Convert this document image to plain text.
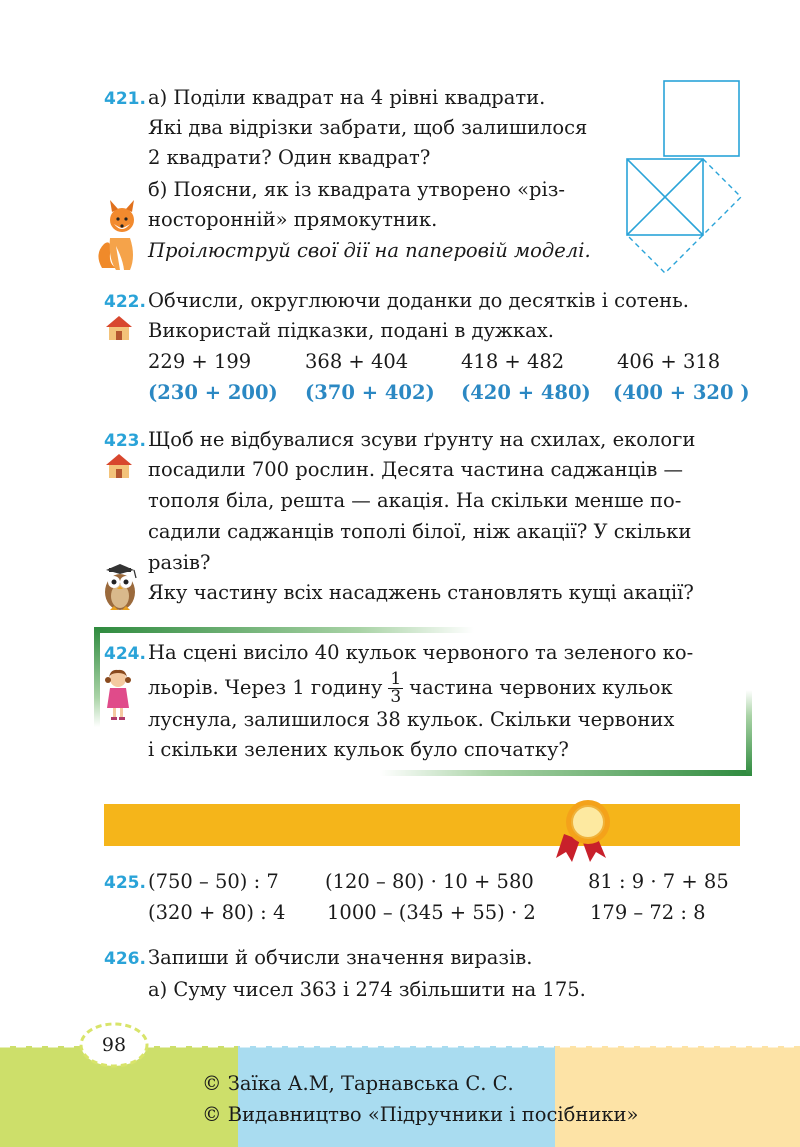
421. а) Поділи квадрат на 4 рівні квадрати.
Які два відрізки забрати, щоб залишилося
2 квадрати? Один квадрат?
б) Поясни, як із квадрата утворено «різ-
носторонній» прямокутник.
Проілюструй свої дії на паперовій моделі.
422. Обчисли, округлюючи доданки до десятків і сотень.
Використай підказки, подані в дужках.
229 + 199	368 + 404	418 + 482	406 + 318
(230 + 200) (370 + 402) (420 + 480) (400 + 320 )
423. Щоб не відбувалися зсуви ґрунту на схилах, екологи
посадили 700 рослин. Десята частина саджанців —
тополя біла, решта — акація. На скільки менше по-
садили саджанців тополі білої, ніж акації? У скільки
разів?
Яку частину всіх насаджень становлять кущі акації?
424. На сцені висіло 40 кульок червоного та зеленого ко-
льорів. Через 1 годину $\frac{1}{3}$ частина червоних кульок
луснула, залишилося 38 кульок. Скільки червоних
і скільки зелених кульок було спочатку?
425. (750 – 50) : 7 (120 – 80) · 10 + 580	81 : 9 · 7 + 85
(320 + 80) : 4 1000 – (345 + 55) · 2	179 – 72 : 8
426. Запиши й обчисли значення виразів.
а) Суму чисел 363 і 274 збільшити на 175.
98
© Заїка А.М, Тарнавська С. С.
© Видавництво «Підручники і посібники»
